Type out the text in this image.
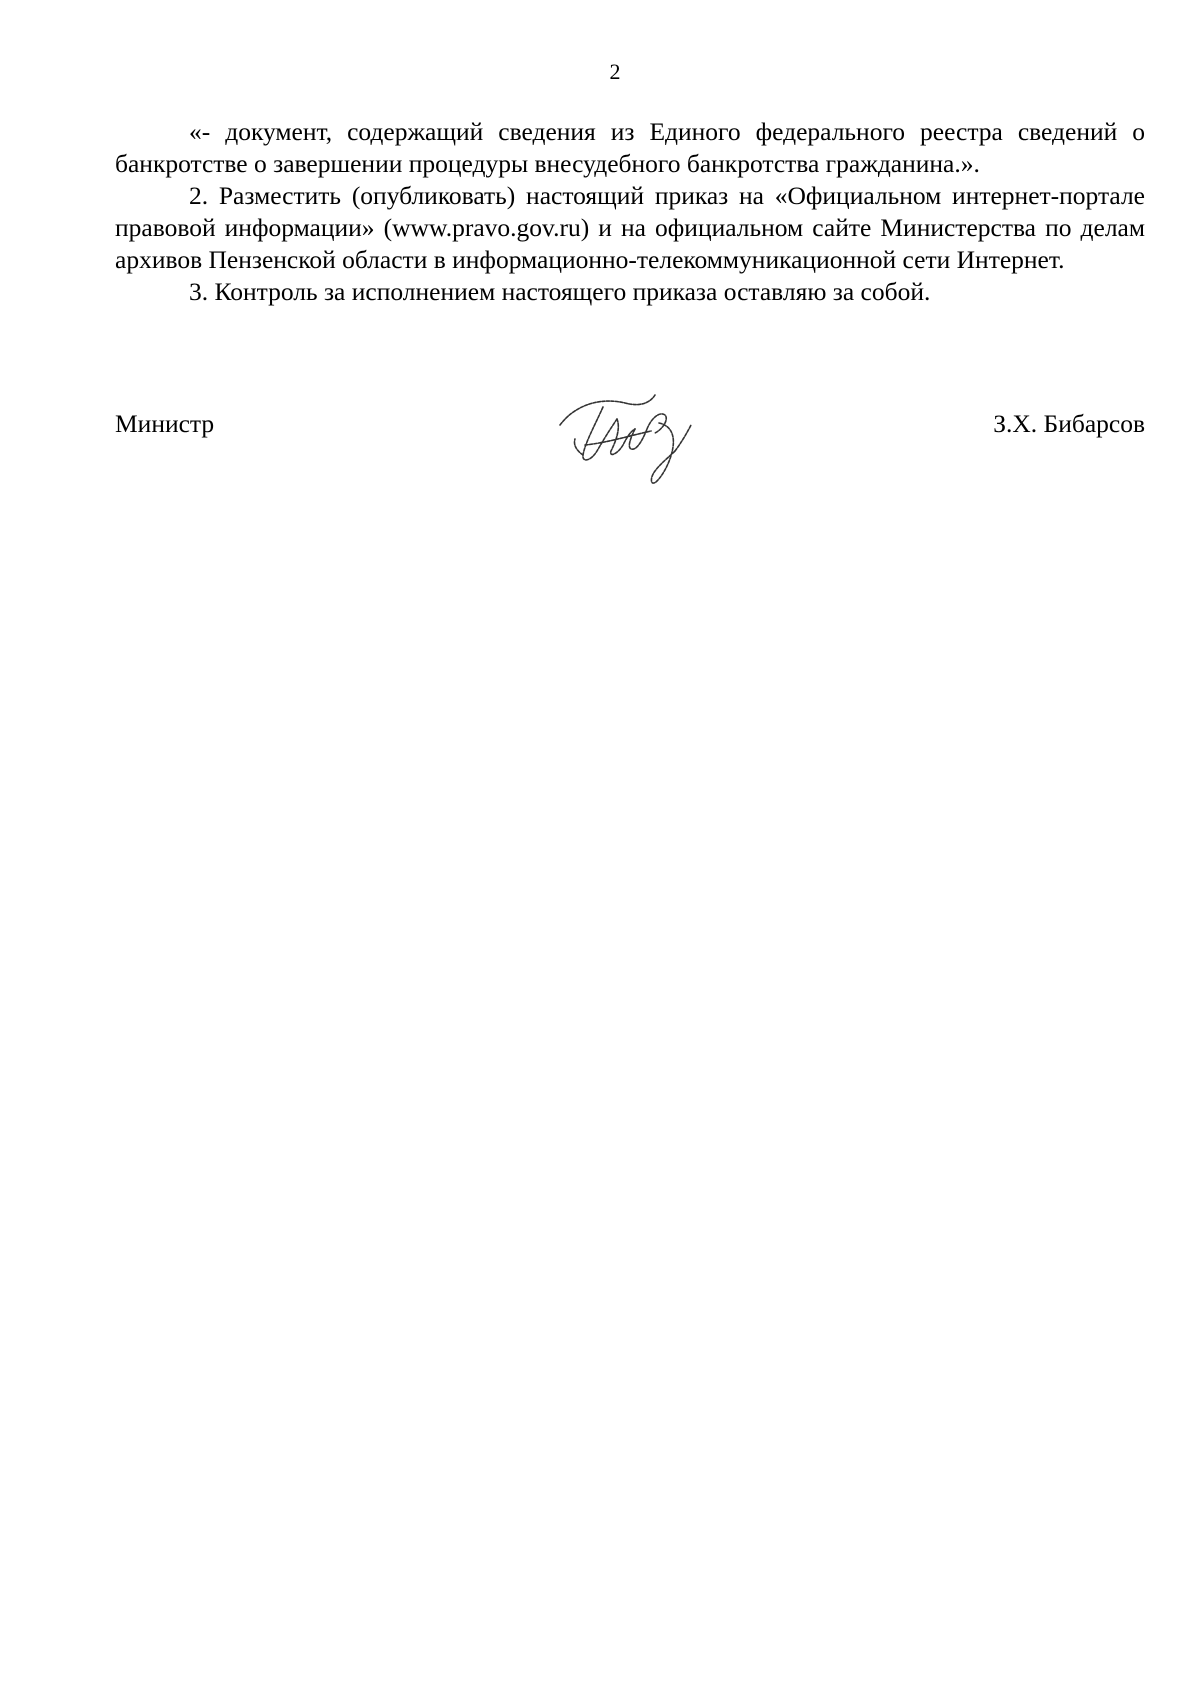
2

«- документ, содержащий сведения из Единого федерального реестра сведений о банкротстве о завершении процедуры внесудебного банкротства гражданина.».

2. Разместить (опубликовать) настоящий приказ на «Официальном интернет-портале правовой информации» (www.pravo.gov.ru) и на официальном сайте Министерства по делам архивов Пензенской области в информационно-телекоммуникационной сети Интернет.

3. Контроль за исполнением настоящего приказа оставляю за собой.

Министр	З.Х. Бибарсов
